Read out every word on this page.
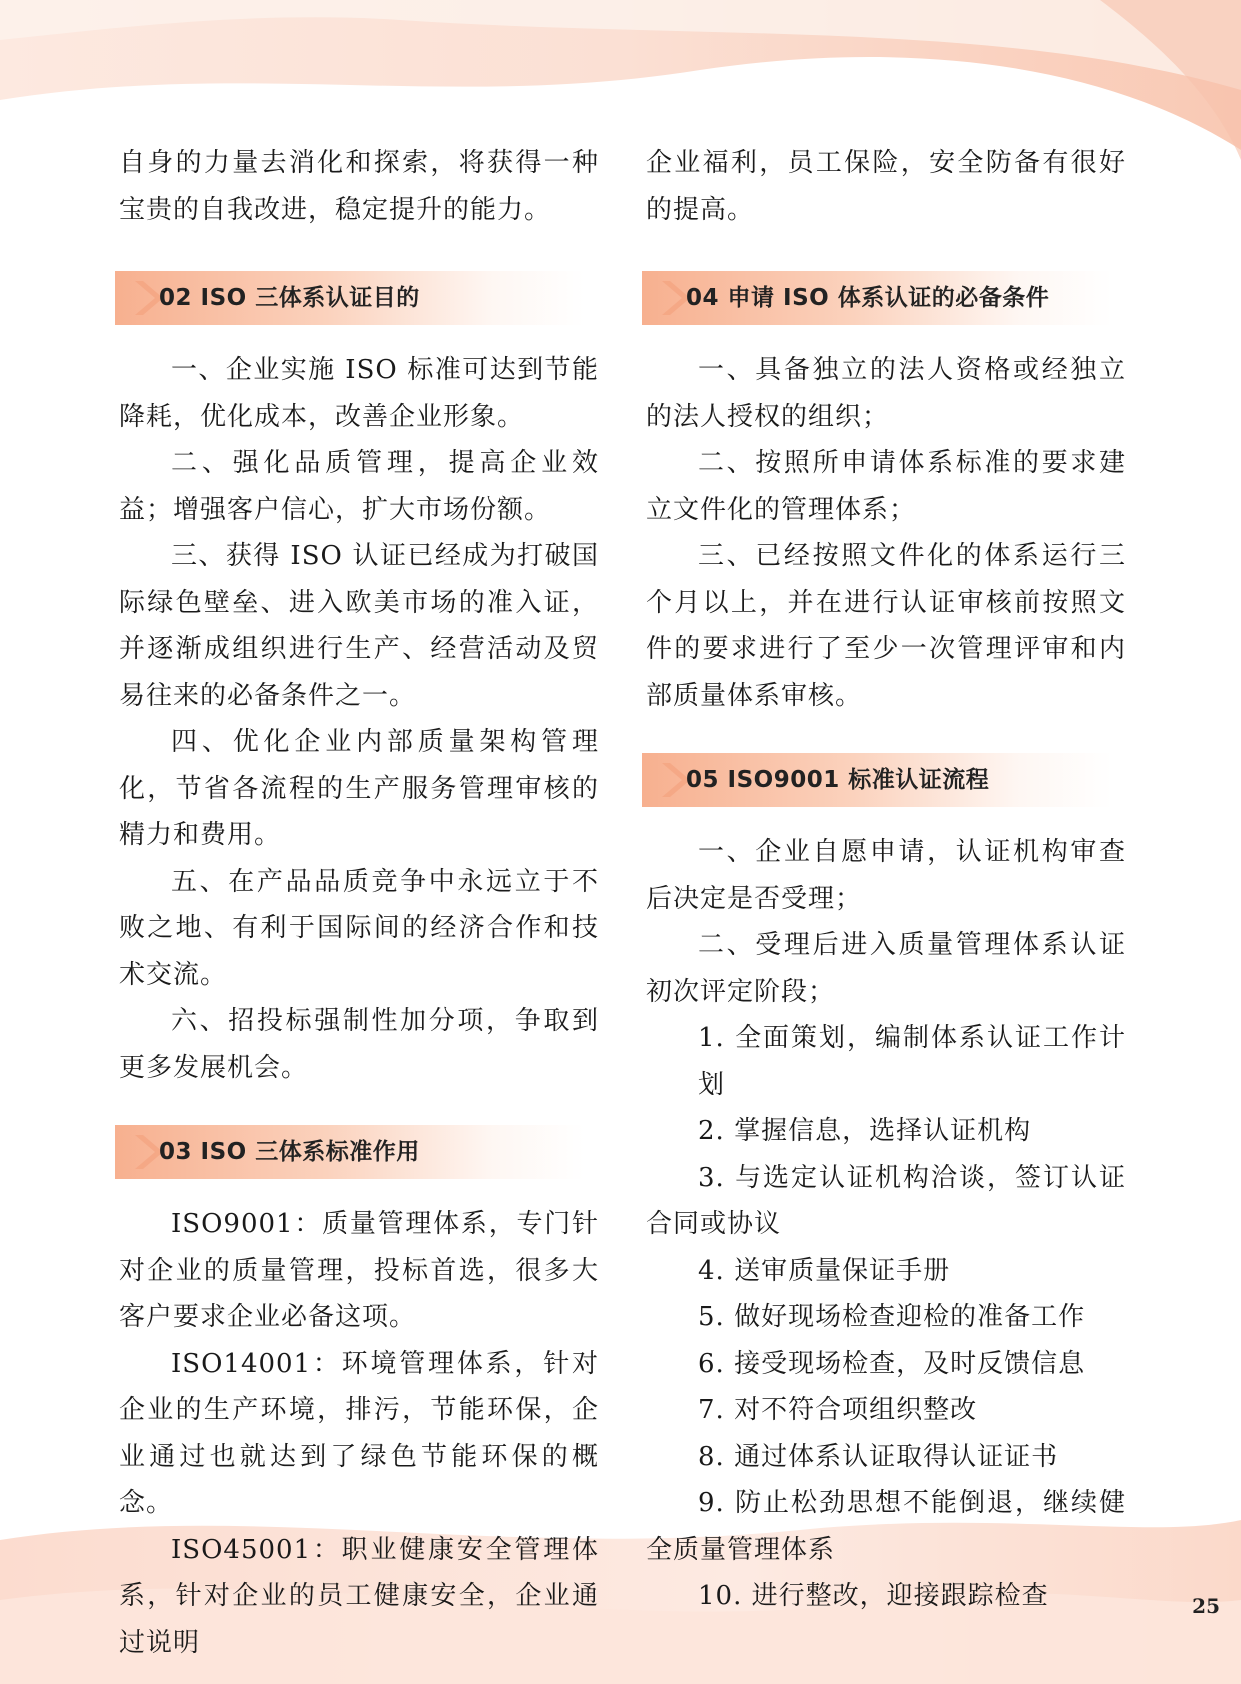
自身的力量去消化和探索，将获得一种宝贵的自我改进，稳定提升的能力。

02 ISO 三体系认证目的

一、企业实施 ISO 标准可达到节能降耗，优化成本，改善企业形象。

二、强化品质管理，提高企业效益；增强客户信心，扩大市场份额。

三、获得 ISO 认证已经成为打破国际绿色壁垒、进入欧美市场的准入证，并逐渐成组织进行生产、经营活动及贸易往来的必备条件之一。

四、优化企业内部质量架构管理化，节省各流程的生产服务管理审核的精力和费用。

五、在产品品质竞争中永远立于不败之地、有利于国际间的经济合作和技术交流。

六、招投标强制性加分项，争取到更多发展机会。

03 ISO 三体系标准作用

ISO9001：质量管理体系，专门针对企业的质量管理，投标首选，很多大客户要求企业必备这项。

ISO14001：环境管理体系，针对企业的生产环境，排污，节能环保，企业通过也就达到了绿色节能环保的概念。

ISO45001：职业健康安全管理体系，针对企业的员工健康安全，企业通过说明

企业福利，员工保险，安全防备有很好的提高。

04 申请 ISO 体系认证的必备条件

一、具备独立的法人资格或经独立的法人授权的组织；

二、按照所申请体系标准的要求建立文件化的管理体系；

三、已经按照文件化的体系运行三个月以上，并在进行认证审核前按照文件的要求进行了至少一次管理评审和内部质量体系审核。

05 ISO9001 标准认证流程

一、企业自愿申请，认证机构审查后决定是否受理；

二、受理后进入质量管理体系认证初次评定阶段；

1. 全面策划，编制体系认证工作计划

2. 掌握信息，选择认证机构

3. 与选定认证机构洽谈，签订认证合同或协议

4. 送审质量保证手册

5. 做好现场检查迎检的准备工作

6. 接受现场检查，及时反馈信息

7. 对不符合项组织整改

8. 通过体系认证取得认证证书

9. 防止松劲思想不能倒退，继续健全质量管理体系

10. 进行整改，迎接跟踪检查	25
